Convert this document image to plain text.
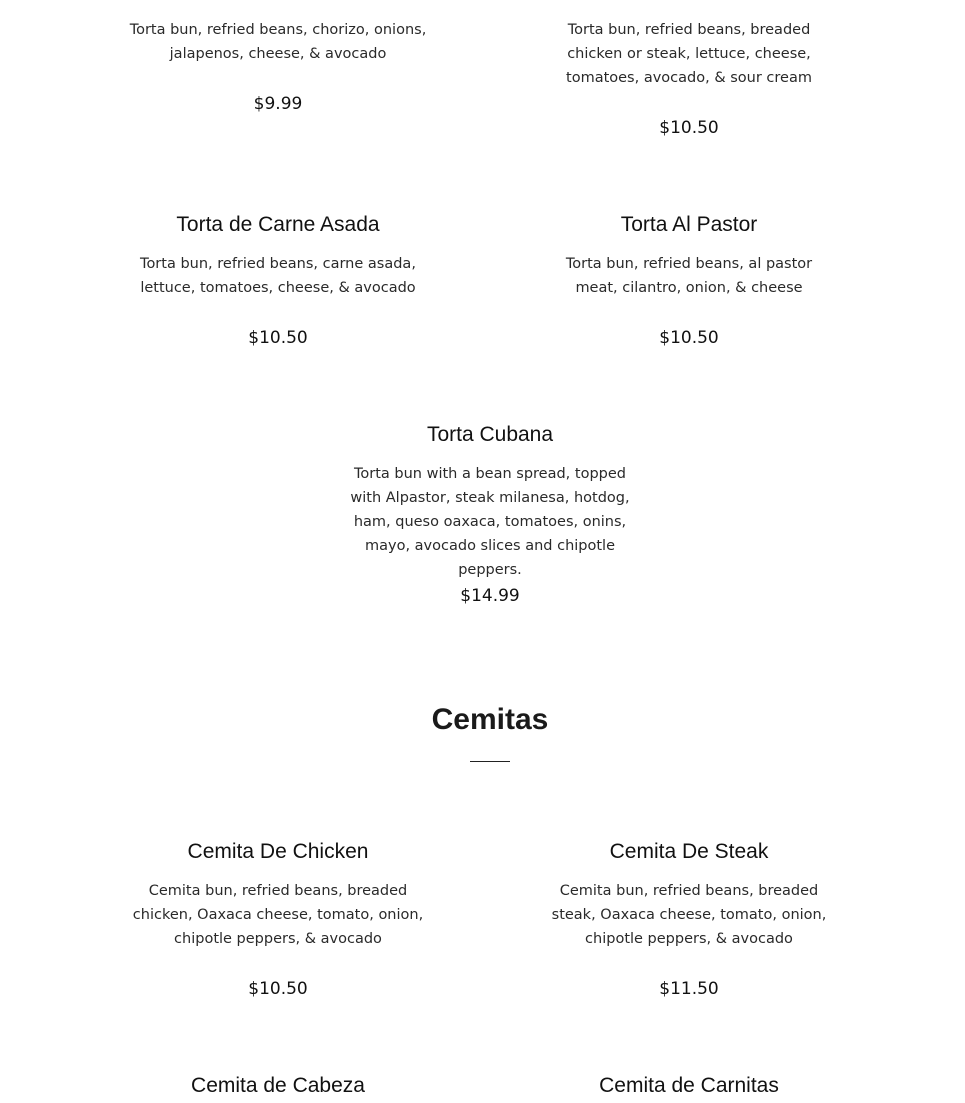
Torta bun, refried beans, chorizo, onions, jalapenos, cheese, & avocado
$9.99
Torta bun, refried beans, breaded chicken or steak, lettuce, cheese, tomatoes, avocado, & sour cream
$10.50
Torta de Carne Asada
Torta bun, refried beans, carne asada, lettuce, tomatoes, cheese, & avocado
$10.50
Torta Al Pastor
Torta bun, refried beans, al pastor meat, cilantro, onion, & cheese
$10.50
Torta Cubana
Torta bun with a bean spread, topped with Alpastor, steak milanesa, hotdog, ham, queso oaxaca, tomatoes, onins, mayo, avocado slices and chipotle peppers.
$14.99
Cemitas
Cemita De Chicken
Cemita bun, refried beans, breaded chicken, Oaxaca cheese, tomato, onion, chipotle peppers, & avocado
$10.50
Cemita De Steak
Cemita bun, refried beans, breaded steak, Oaxaca cheese, tomato, onion, chipotle peppers, & avocado
$11.50
Cemita de Cabeza	Cemita de Carnitas
